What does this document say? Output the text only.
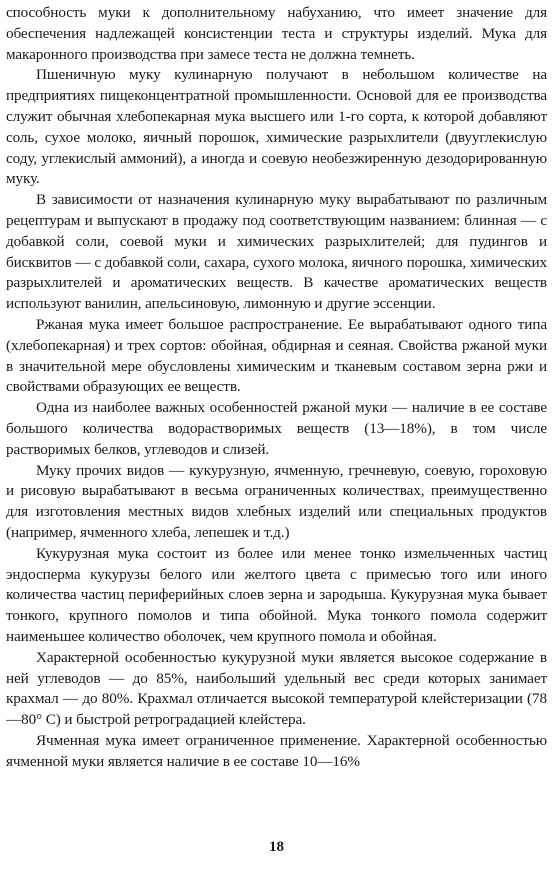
способность муки к дополнительному набуханию, что имеет значение для обеспечения надлежащей консистенции теста и структуры изделий. Мука для макаронного производства при замесе теста не должна темнеть.

Пшеничную муку кулинарную получают в небольшом количестве на предприятиях пищеконцентратной промышленности. Основой для ее производства служит обычная хлебопекарная мука высшего или 1-го сорта, к которой добавляют соль, сухое молоко, яичный порошок, химические разрыхлители (двууглекислую соду, углекислый аммоний), а иногда и соевую необезжиренную дезодорированную муку.

В зависимости от назначения кулинарную муку вырабатывают по различным рецептурам и выпускают в продажу под соответствующим названием: блинная — с добавкой соли, соевой муки и химических разрыхлителей; для пудингов и бисквитов — с добавкой соли, сахара, сухого молока, яичного порошка, химических разрыхлителей и ароматических веществ. В качестве ароматических веществ используют ванилин, апельсиновую, лимонную и другие эссенции.

Ржаная мука имеет большое распространение. Ее вырабатывают одного типа (хлебопекарная) и трех сортов: обойная, обдирная и сеяная. Свойства ржаной муки в значительной мере обусловлены химическим и тканевым составом зерна ржи и свойствами образующих ее веществ.

Одна из наиболее важных особенностей ржаной муки — наличие в ее составе большого количества водорастворимых веществ (13—18%), в том числе растворимых белков, углеводов и слизей.

Муку прочих видов — кукурузную, ячменную, гречневую, соевую, гороховую и рисовую вырабатывают в весьма ограниченных количествах, преимущественно для изготовления местных видов хлебных изделий или специальных продуктов (например, ячменного хлеба, лепешек и т.д.)

Кукурузная мука состоит из более или менее тонко измельченных частиц эндосперма кукурузы белого или желтого цвета с примесью того или иного количества частиц периферийных слоев зерна и зародыша. Кукурузная мука бывает тонкого, крупного помолов и типа обойной. Мука тонкого помола содержит наименьшее количество оболочек, чем крупного помола и обойная.

Характерной особенностью кукурузной муки является высокое содержание в ней углеводов — до 85%, наибольший удельный вес среди которых занимает крахмал — до 80%. Крахмал отличается высокой температурой клейстеризации (78—80° С) и быстрой ретроградацией клейстера.

Ячменная мука имеет ограниченное применение. Характерной особенностью ячменной муки является наличие в ее составе 10—16%

18
